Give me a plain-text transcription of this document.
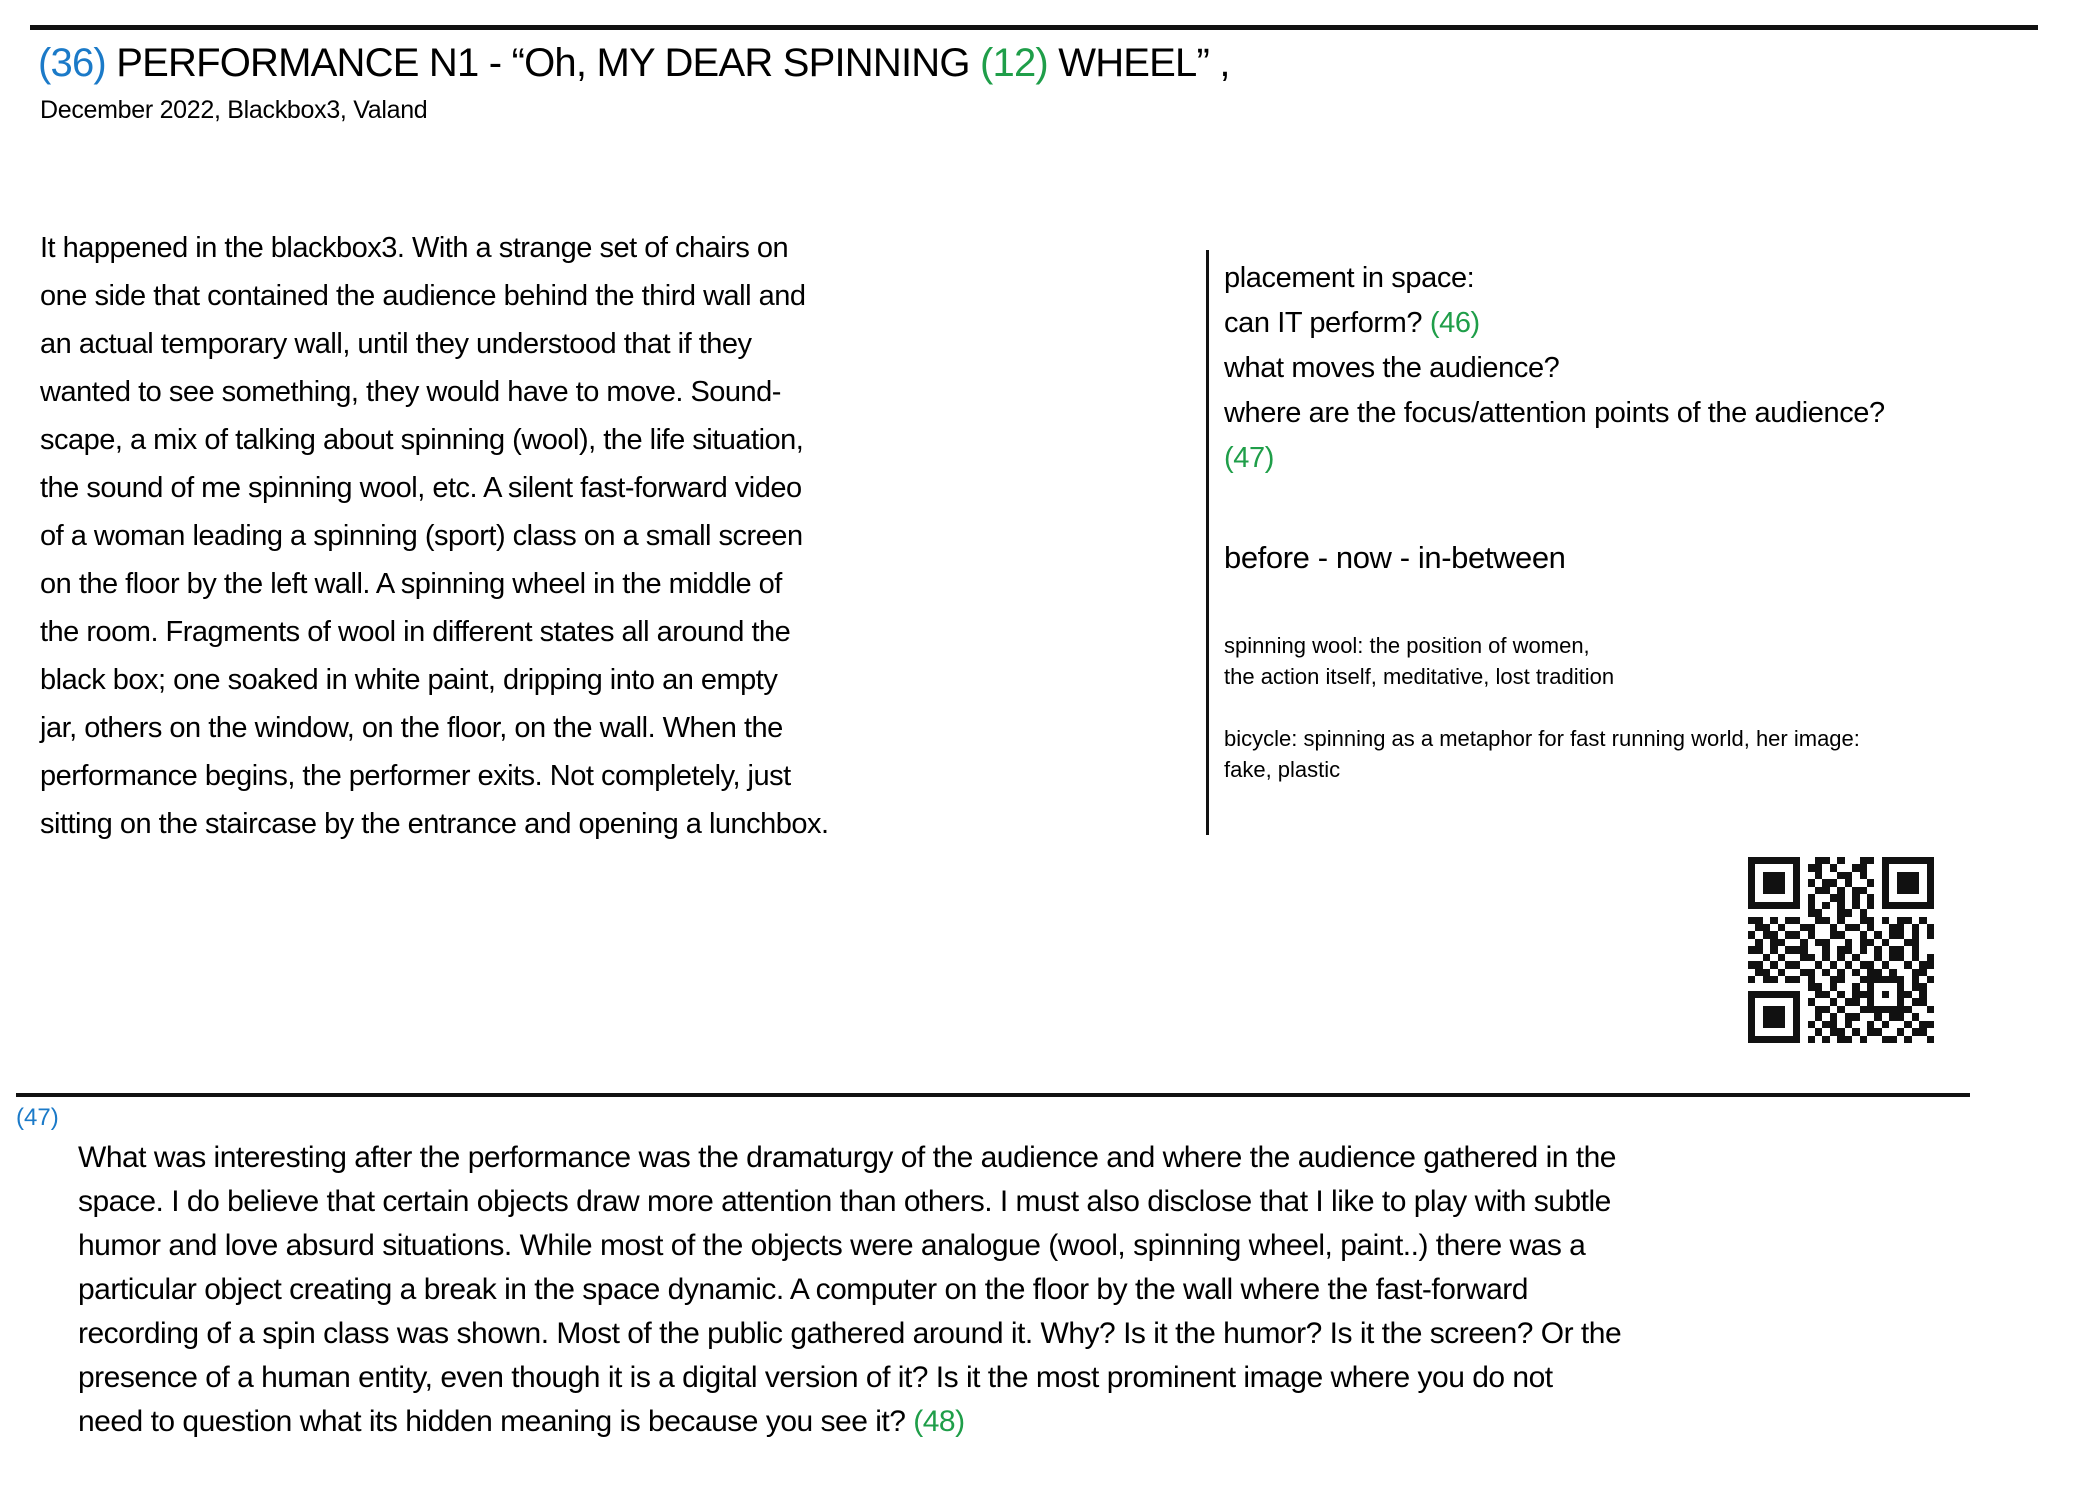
(36) PERFORMANCE N1 - “Oh, MY DEAR SPINNING (12) WHEEL” ,
December 2022, Blackbox3, Valand
It happened in the blackbox3. With a strange set of chairs on
one side that contained the audience behind the third wall and
an actual temporary wall, until they understood that if they
wanted to see something, they would have to move. Sound-
scape, a mix of talking about spinning (wool), the life situation,
the sound of me spinning wool, etc. A silent fast-forward video
of a woman leading a spinning (sport) class on a small screen
on the floor by the left wall. A spinning wheel in the middle of
the room. Fragments of wool in different states all around the
black box; one soaked in white paint, dripping into an empty
jar, others on the window, on the floor, on the wall. When the
performance begins, the performer exits. Not completely, just
sitting on the staircase by the entrance and opening a lunchbox.
placement in space:
can IT perform? (46)
what moves the audience?
where are the focus/attention points of the audience?
(47)
before - now - in-between
spinning wool: the position of women,
the action itself, meditative, lost tradition
bicycle: spinning as a metaphor for fast running world, her image:
fake, plastic
(47)
What was interesting after the performance was the dramaturgy of the audience and where the audience gathered in the
space. I do believe that certain objects draw more attention than others. I must also disclose that I like to play with subtle
humor and love absurd situations. While most of the objects were analogue (wool, spinning wheel, paint..) there was a
particular object creating a break in the space dynamic. A computer on the floor by the wall where the fast-forward
recording of a spin class was shown. Most of the public gathered around it. Why? Is it the humor? Is it the screen? Or the
presence of a human entity, even though it is a digital version of it? Is it the most prominent image where you do not
need to question what its hidden meaning is because you see it? (48)
